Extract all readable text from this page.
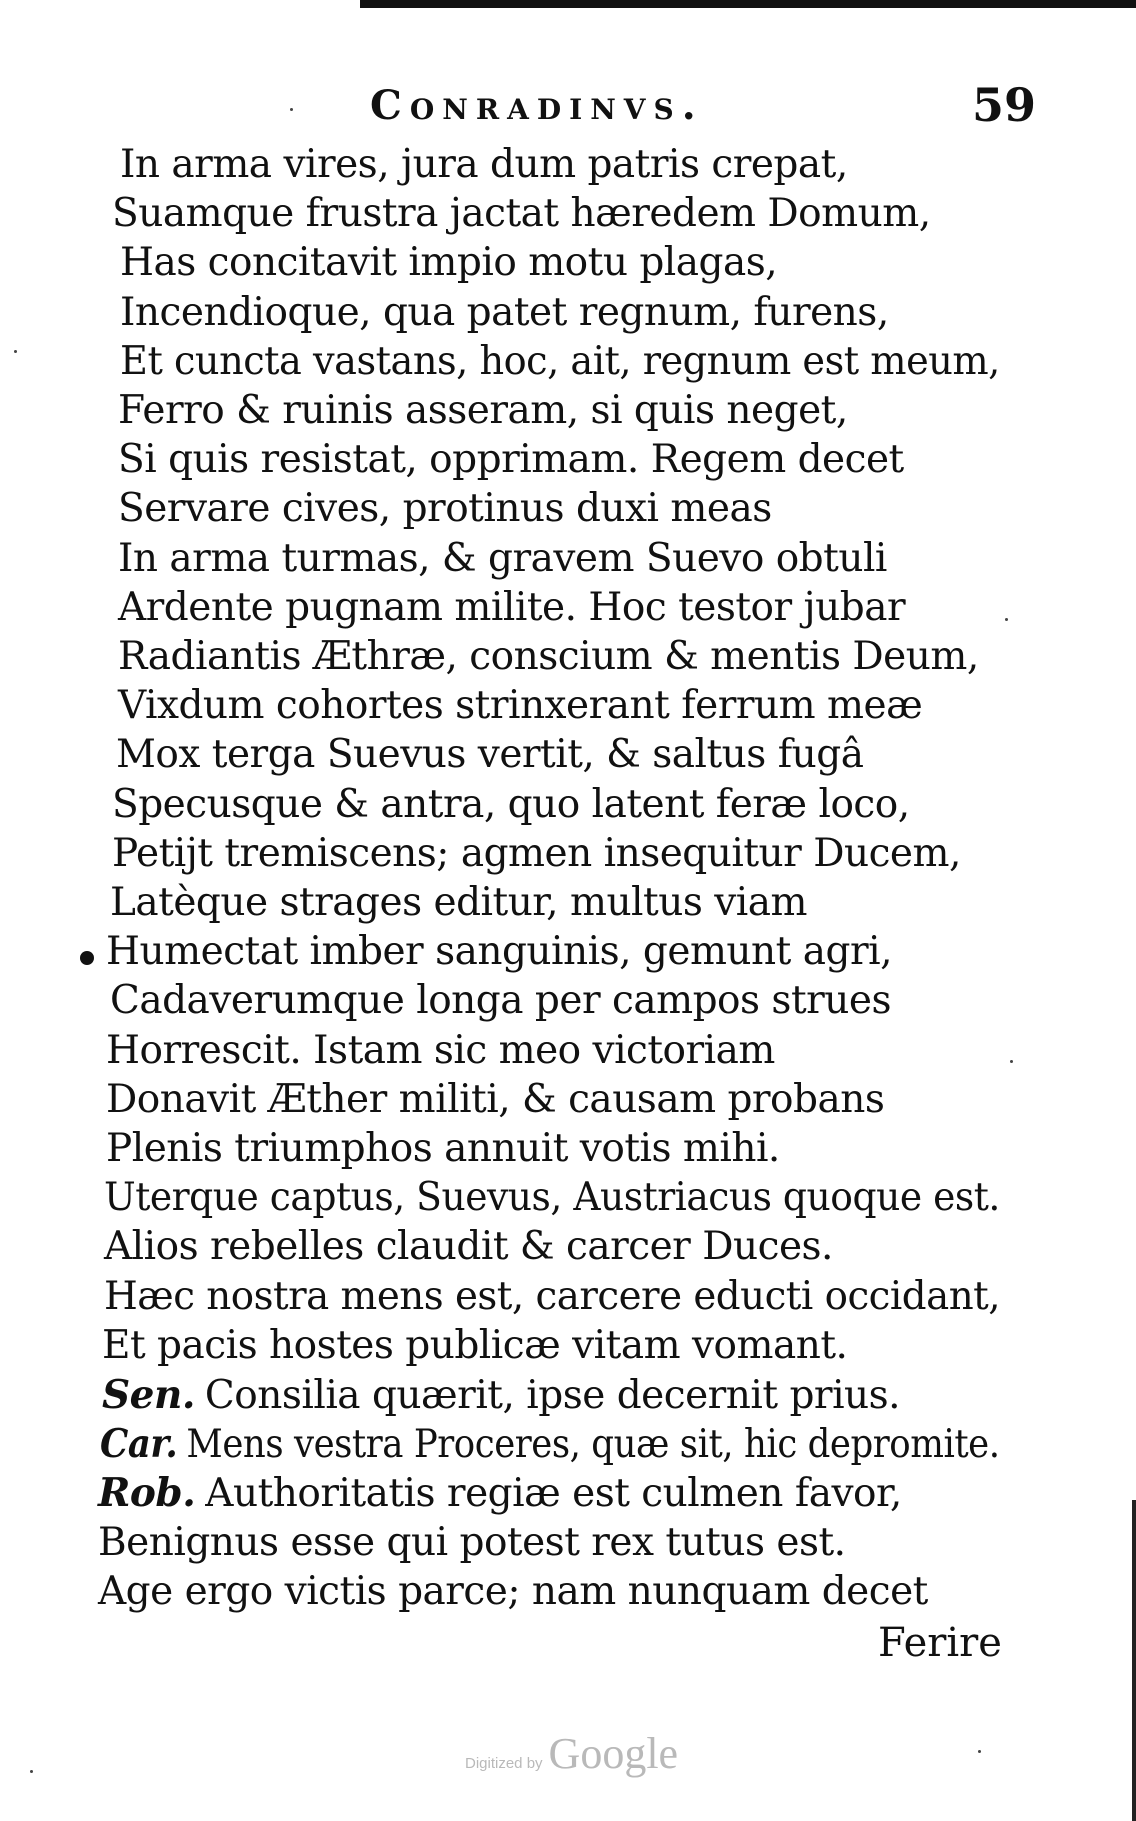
Conradinvs.	59
In arma vires, jura dum patris crepat,
Suamque frustra jactat hæredem Domum,
Has concitavit impio motu plagas,
Incendioque, qua patet regnum, furens,
Et cuncta vastans, hoc, ait, regnum est meum,
Ferro & ruinis asseram, si quis neget,
Si quis resistat, opprimam. Regem decet
Servare cives, protinus duxi meas
In arma turmas, & gravem Suevo obtuli
Ardente pugnam milite. Hoc testor jubar
Radiantis Æthræ, conscium & mentis Deum,
Vixdum cohortes strinxerant ferrum meæ
Mox terga Suevus vertit, & saltus fugâ
Specusque & antra, quo latent feræ loco,
Petijt tremiscens; agmen insequitur Ducem,
Latèque strages editur, multus viam
Humectat imber sanguinis, gemunt agri,
Cadaverumque longa per campos strues
Horrescit. Istam sic meo victoriam
Donavit Æther militi, & causam probans
Plenis triumphos annuit votis mihi.
Uterque captus, Suevus, Austriacus quoque est.
Alios rebelles claudit & carcer Duces.
Hæc nostra mens est, carcere educti occidant,
Et pacis hostes publicæ vitam vomant.
Sen. Consilia quærit, ipse decernit prius.
Car. Mens vestra Proceres, quæ sit, hic depromite.
Rob. Authoritatis regiæ est culmen favor,
Benignus esse qui potest rex tutus est.
Age ergo victis parce; nam nunquam decet
Ferire
Digitized by Google
